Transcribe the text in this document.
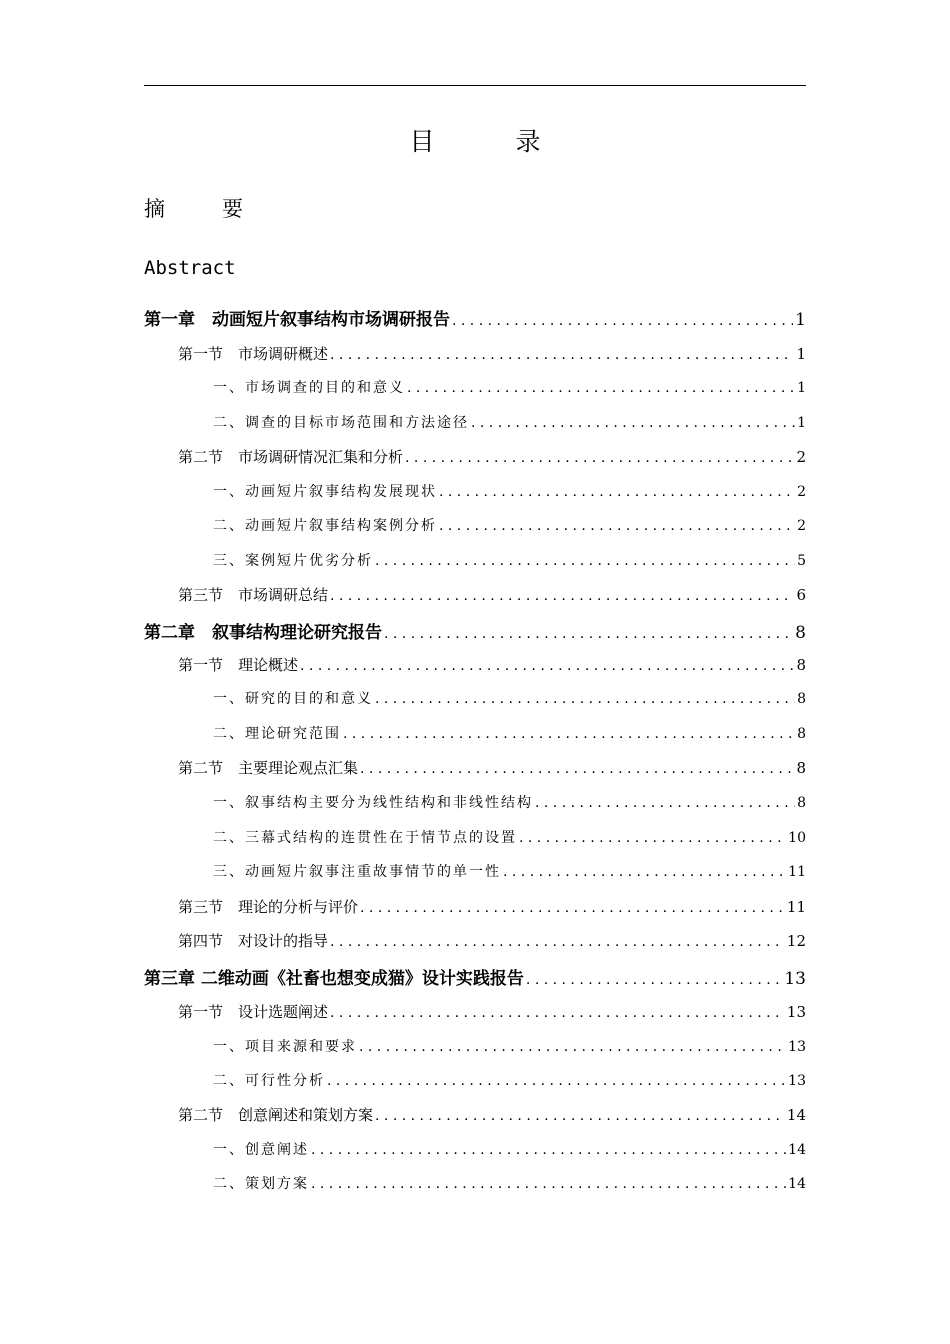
目　录
摘　要
Abstract
第一章　动画短片叙事结构市场调研报告 . . .	1
第一节　市场调研概述 . . .	1
一、市场调查的目的和意义 . . .	1
二、调查的目标市场范围和方法途径 . . .	1
第二节　市场调研情况汇集和分析 . . .	2
一、动画短片叙事结构发展现状 . . .	2
二、动画短片叙事结构案例分析 . . .	2
三、案例短片优劣分析 . . .	5
第三节　市场调研总结 . . .	6
第二章　叙事结构理论研究报告 . . .	8
第一节　理论概述 . . .	8
一、研究的目的和意义 . . .	8
二、理论研究范围 . . .	8
第二节　主要理论观点汇集 . . .	8
一、叙事结构主要分为线性结构和非线性结构 . . .	8
二、三幕式结构的连贯性在于情节点的设置 . . .	10
三、动画短片叙事注重故事情节的单一性 . . .	11
第三节　理论的分析与评价 . . .	11
第四节　对设计的指导 . . .	12
第三章 二维动画《社畜也想变成猫》设计实践报告 . . .	13
第一节　设计选题阐述 . . .	13
一、项目来源和要求 . . .	13
二、可行性分析 . . .	13
第二节　创意阐述和策划方案 . . .	14
一、创意阐述 . . .	14
二、策划方案 . . .	14
